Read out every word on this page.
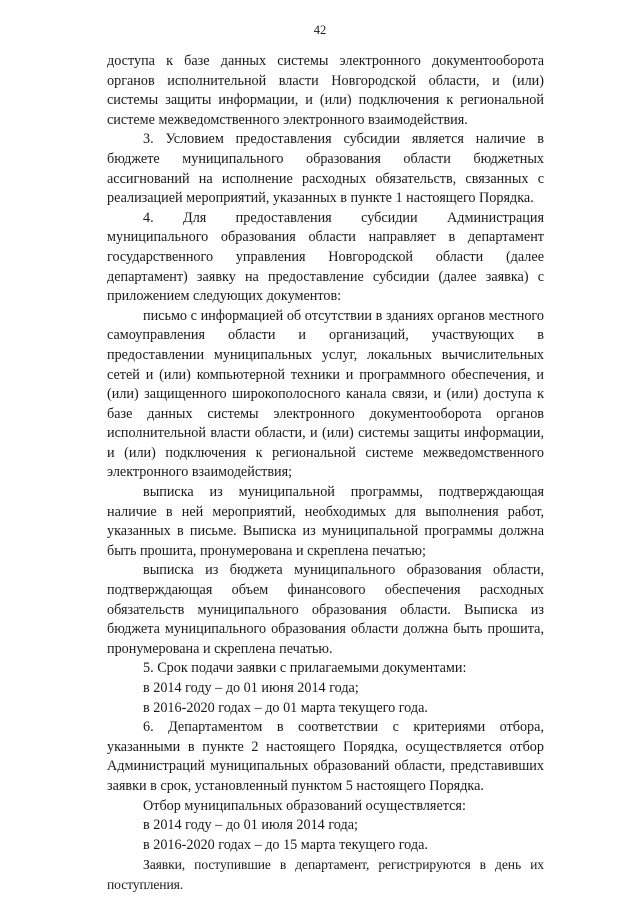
42

доступа к базе данных системы электронного документооборота органов исполнительной власти Новгородской области, и (или) системы защиты информации, и (или) подключения к региональной системе межведомственного электронного взаимодействия.

3. Условием предоставления субсидии является наличие в бюджете муниципального образования области бюджетных ассигнований на исполнение расходных обязательств, связанных с реализацией мероприятий, указанных в пункте 1 настоящего Порядка.

4. Для предоставления субсидии Администрация муниципального образования области направляет в департамент государственного управления Новгородской области (далее департамент) заявку на предоставление субсидии (далее заявка) с приложением следующих документов:

письмо с информацией об отсутствии в зданиях органов местного самоуправления области и организаций, участвующих в предоставлении муниципальных услуг, локальных вычислительных сетей и (или) компьютерной техники и программного обеспечения, и (или) защищенного широкополосного канала связи, и (или) доступа к базе данных системы электронного документооборота органов исполнительной власти области, и (или) системы защиты информации, и (или) подключения к региональной системе межведомственного электронного взаимодействия;

выписка из муниципальной программы, подтверждающая наличие в ней мероприятий, необходимых для выполнения работ, указанных в письме. Выписка из муниципальной программы должна быть прошита, пронумерована и скреплена печатью;

выписка из бюджета муниципального образования области, подтверждающая объем финансового обеспечения расходных обязательств муниципального образования области. Выписка из бюджета муниципального образования области должна быть прошита, пронумерована и скреплена печатью.

5. Срок подачи заявки с прилагаемыми документами:

в 2014 году – до 01 июня 2014 года;

в 2016-2020 годах – до 01 марта текущего года.

6. Департаментом в соответствии с критериями отбора, указанными в пункте 2 настоящего Порядка, осуществляется отбор Администраций муниципальных образований области, представивших заявки в срок, установленный пунктом 5 настоящего Порядка.

Отбор муниципальных образований осуществляется:

в 2014 году – до 01 июля 2014 года;

в 2016-2020 годах – до 15 марта текущего года.

Заявки, поступившие в департамент, регистрируются в день их поступления.
